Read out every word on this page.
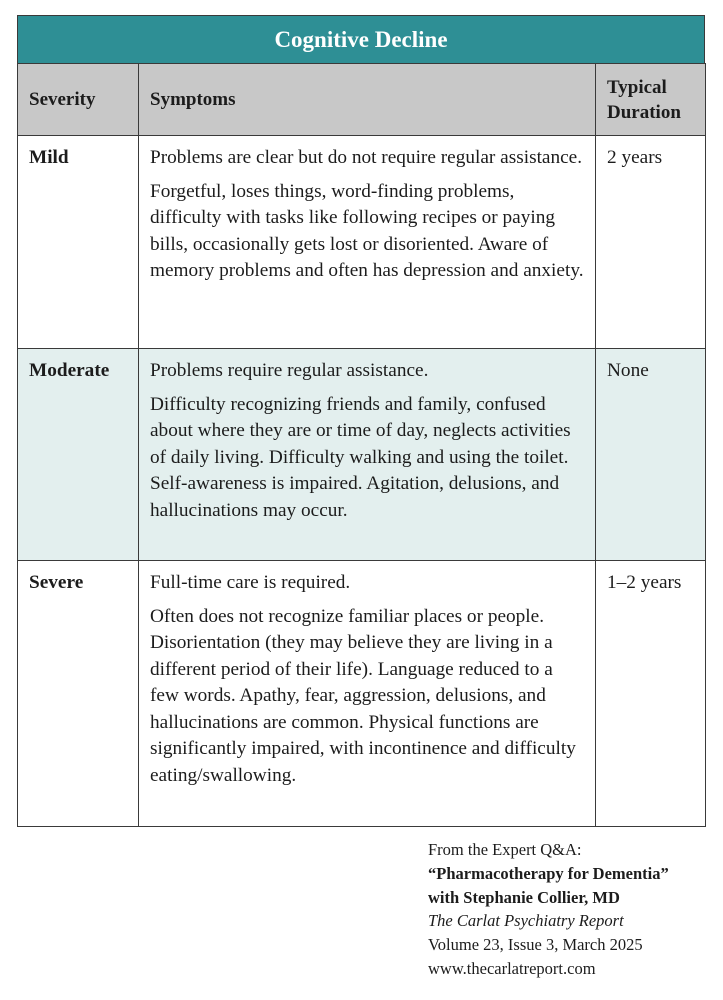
Cognitive Decline
Severity	Symptoms	Typical
Duration

Mild	Problems are clear but do not require regular assistance.

Forgetful, loses things, word-finding problems, difficulty with tasks like following recipes or paying bills, occasionally gets lost or disoriented. Aware of memory problems and often has depression and anxiety.	2 years
Moderate	Problems require regular assistance.

Difficulty recognizing friends and family, confused about where they are or time of day, neglects activities of daily living. Difficulty walking and using the toilet. Self-awareness is impaired. Agitation, delusions, and hallucinations may occur.	None
Severe	Full-time care is required.

Often does not recognize familiar places or people. Disorientation (they may believe they are living in a different period of their life). Language reduced to a few words. Apathy, fear, aggression, delusions, and hallucinations are common. Physical functions are significantly impaired, with incontinence and difficulty eating/swallowing.	1–2 years
From the Expert Q&A:
“Pharmacotherapy for Dementia”
with Stephanie Collier, MD
The Carlat Psychiatry Report
Volume 23, Issue 3, March 2025
www.thecarlatreport.com
